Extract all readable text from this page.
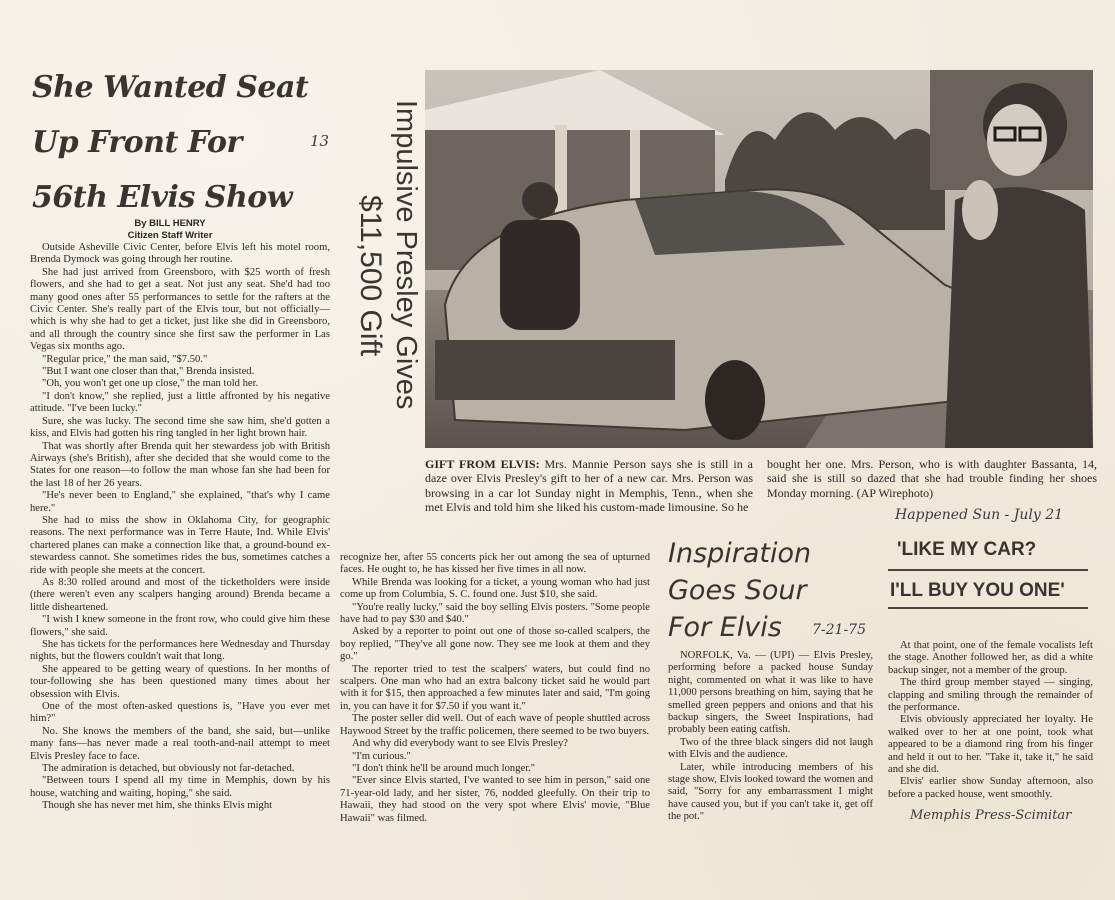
She Wanted Seat
Up Front For
56th Elvis Show
13
By BILL HENRY
Citizen Staff Writer

Outside Asheville Civic Center, before Elvis left his motel room, Brenda Dymock was going through her routine.

She had just arrived from Greensboro, with $25 worth of fresh flowers, and she had to get a seat. Not just any seat. She'd had too many good ones after 55 performances to settle for the rafters at the Civic Center. She's really part of the Elvis tour, but not officially—which is why she had to get a ticket, just like she did in Greensboro, and all through the country since she first saw the performer in Las Vegas six months ago.

"Regular price," the man said, "$7.50."

"But I want one closer than that," Brenda insisted.

"Oh, you won't get one up close," the man told her.

"I don't know," she replied, just a little affronted by his negative attitude. "I've been lucky."

Sure, she was lucky. The second time she saw him, she'd gotten a kiss, and Elvis had gotten his ring tangled in her light brown hair.

That was shortly after Brenda quit her stewardess job with British Airways (she's British), after she decided that she would come to the States for one reason—to follow the man whose fan she had been for the last 18 of her 26 years.

"He's never been to England," she explained, "that's why I came here."

She had to miss the show in Oklahoma City, for geographic reasons. The next performance was in Terre Haute, Ind. While Elvis' chartered planes can make a connection like that, a ground-bound ex-stewardess cannot. She sometimes rides the bus, sometimes catches a ride with people she meets at the concert.

As 8:30 rolled around and most of the ticketholders were inside (there weren't even any scalpers hanging around) Brenda became a little disheartened.

"I wish I knew someone in the front row, who could give him these flowers," she said.

She has tickets for the performances here Wednesday and Thursday nights, but the flowers couldn't wait that long.

She appeared to be getting weary of questions. In her months of tour-following she has been questioned many times about her obsession with Elvis.

One of the most often-asked questions is, "Have you ever met him?"

No. She knows the members of the band, she said, but—unlike many fans—has never made a real tooth-and-nail attempt to meet Elvis Presley face to face.

The admiration is detached, but obviously not far-detached.

"Between tours I spend all my time in Memphis, down by his house, watching and waiting, hoping," she said.

Though she has never met him, she thinks Elvis might

Impulsive Presley Gives
$11,500 Gift
GIFT FROM ELVIS: Mrs. Mannie Person says she is still in a daze over Elvis Presley's gift to her of a new car. Mrs. Person was browsing in a car lot Sunday night in Memphis, Tenn., when she met Elvis and told him she liked his custom-made limousine. So he
bought her one. Mrs. Person, who is with daughter Bassanta, 14, said she is still so dazed that she had trouble finding her shoes Monday morning. (AP Wirephoto)

recognize her, after 55 concerts pick her out among the sea of upturned faces. He ought to, he has kissed her five times in all now.

While Brenda was looking for a ticket, a young woman who had just come up from Columbia, S. C. found one. Just $10, she said.

"You're really lucky," said the boy selling Elvis posters. "Some people have had to pay $30 and $40."

Asked by a reporter to point out one of those so-called scalpers, the boy replied, "They've all gone now. They see me look at them and they go."

The reporter tried to test the scalpers' waters, but could find no scalpers. One man who had an extra balcony ticket said he would part with it for $15, then approached a few minutes later and said, "I'm going in, you can have it for $7.50 if you want it."

The poster seller did well. Out of each wave of people shuttled across Haywood Street by the traffic policemen, there seemed to be two buyers.

And why did everybody want to see Elvis Presley?

"I'm curious."

"I don't think he'll be around much longer."

"Ever since Elvis started, I've wanted to see him in person," said one 71-year-old lady, and her sister, 76, nodded gleefully. On their trip to Hawaii, they had stood on the very spot where Elvis' movie, "Blue Hawaii" was filmed.

Inspiration
Goes Sour
For Elvis 7-21-75

NORFOLK, Va. — (UPI) — Elvis Presley, performing before a packed house Sunday night, commented on what it was like to have 11,000 persons breathing on him, saying that he smelled green peppers and onions and that his backup singers, the Sweet Inspirations, had probably been eating catfish.

Two of the three black singers did not laugh with Elvis and the audience.

Later, while introducing members of his stage show, Elvis looked toward the women and said, "Sorry for any embarrassment I might have caused you, but if you can't take it, get off the pot."

Happened Sun - July 21
'LIKE MY CAR?
I'LL BUY YOU ONE'

At that point, one of the female vocalists left the stage. Another followed her, as did a white backup singer, not a member of the group.

The third group member stayed — singing, clapping and smiling through the remainder of the performance.

Elvis obviously appreciated her loyalty. He walked over to her at one point, took what appeared to be a diamond ring from his finger and held it out to her. "Take it, take it," he said and she did.

Elvis' earlier show Sunday afternoon, also before a packed house, went smoothly.

Memphis Press-Scimitar
